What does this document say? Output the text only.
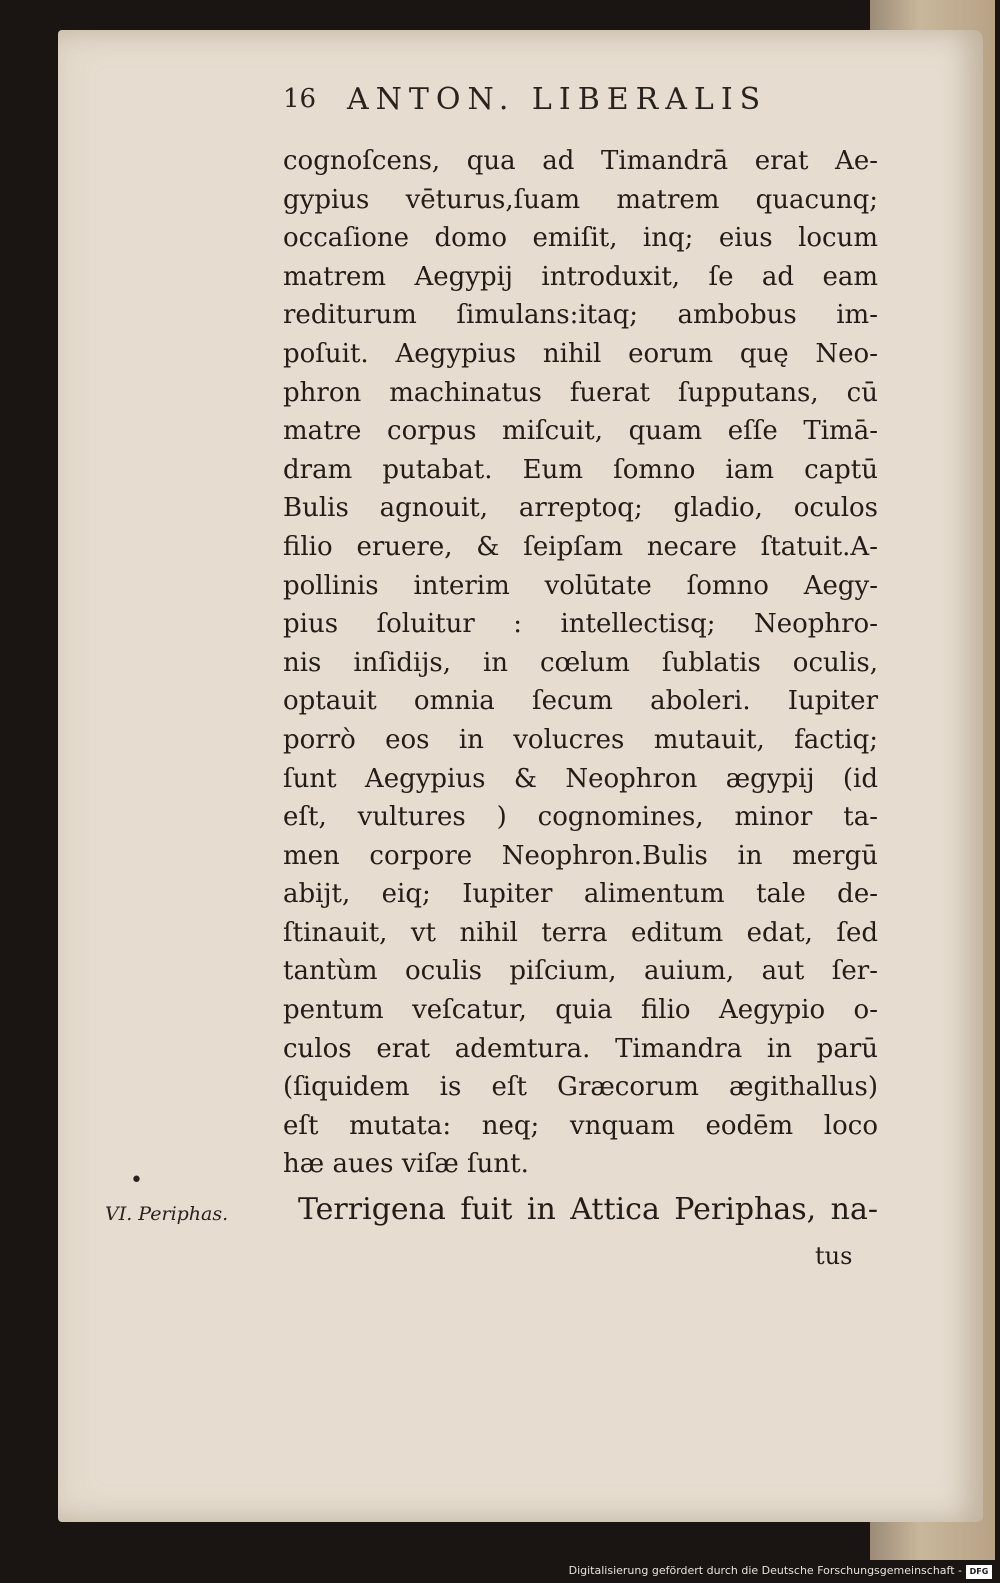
16 ANTON. LIBERALIS
cognoſcens, qua ad Timandrā erat Ae-
gypius vēturus,ſuam matrem quacunq;
occaſione domo emiſit, inq; eius locum
matrem Aegypij introduxit, ſe ad eam
rediturum ſimulans:itaq; ambobus im-
poſuit. Aegypius nihil eorum quę Neo-
phron machinatus fuerat ſupputans, cū
matre corpus miſcuit, quam eſſe Timā-
dram putabat. Eum ſomno iam captū
Bulis agnouit, arreptoq; gladio, oculos
filio eruere, & ſeipſam necare ſtatuit.A-
pollinis interim volūtate ſomno Aegy-
pius ſoluitur : intellectisq; Neophro-
nis inſidijs, in cœlum ſublatis oculis,
optauit omnia ſecum aboleri. Iupiter
porrò eos in volucres mutauit, factiq;
ſunt Aegypius & Neophron ægypij (id
eſt, vultures ) cognomines, minor ta-
men corpore Neophron.Bulis in mergū
abijt, eiq; Iupiter alimentum tale de-
ſtinauit, vt nihil terra editum edat, ſed
tantùm oculis piſcium, auium, aut ſer-
pentum veſcatur, quia filio Aegypio o-
culos erat ademtura. Timandra in parū
(ſiquidem is eſt Græcorum ægithallus)
eſt mutata: neq; vnquam eodēm loco
hæ aues viſæ ſunt.
•
VI. Periphas. Terrigena fuit in Attica Periphas, na-
tus
Digitalisierung gefördert durch die Deutsche Forschungsgemeinschaft - DFG
